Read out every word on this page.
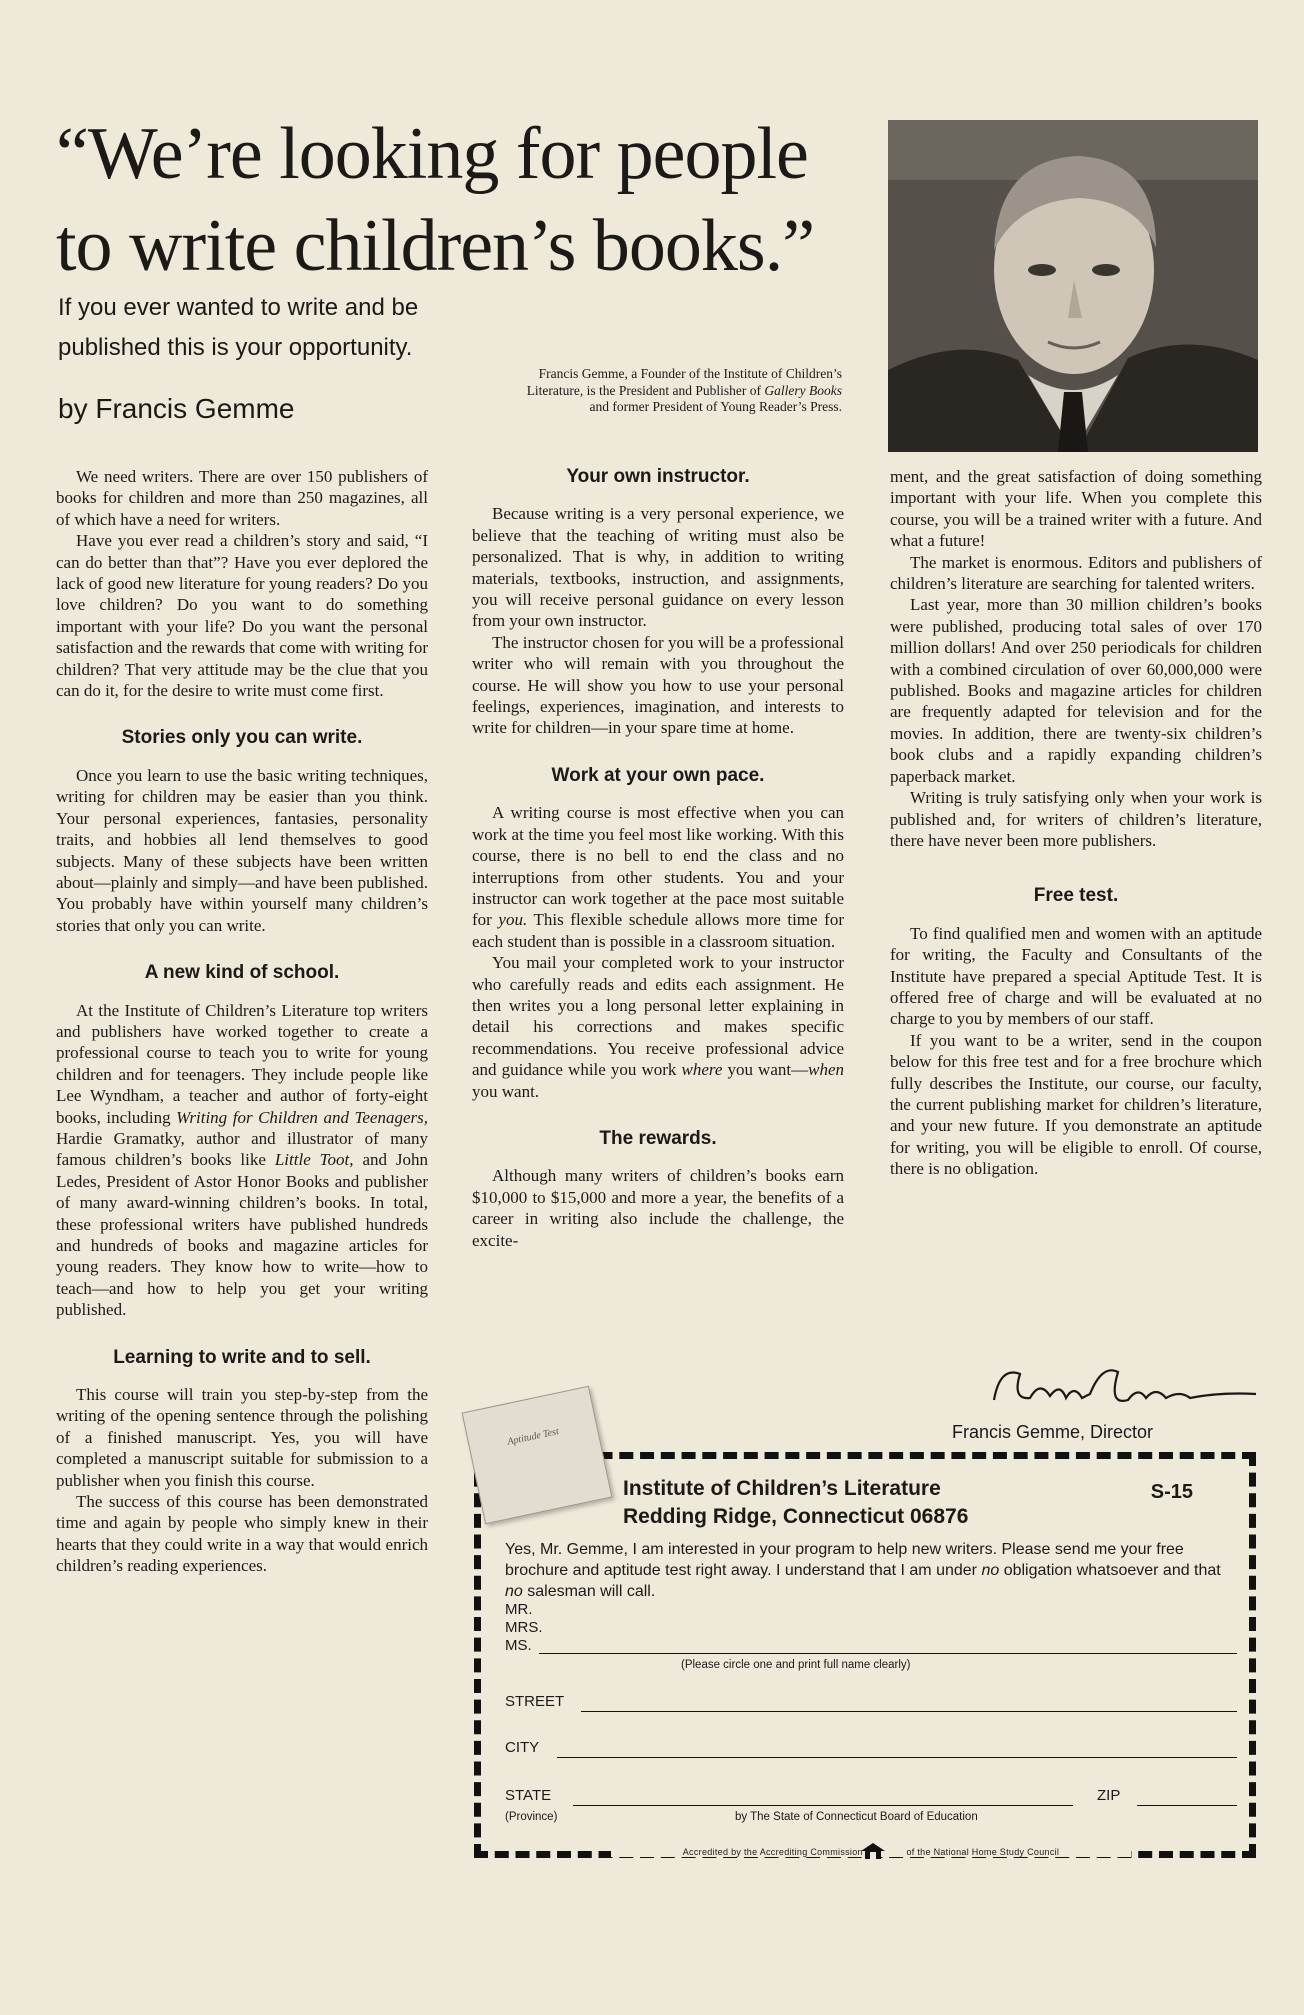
“We’re looking for people
to write children’s books.”
If you ever wanted to write and be published this is your opportunity.
by Francis Gemme
Francis Gemme, a Founder of the Institute of Children’s Literature, is the President and Publisher of Gallery Books and former President of Young Reader’s Press.

We need writers. There are over 150 publishers of books for children and more than 250 magazines, all of which have a need for writers.

Have you ever read a children’s story and said, “I can do better than that”? Have you ever deplored the lack of good new literature for young readers? Do you love children? Do you want to do something important with your life? Do you want the personal satisfaction and the rewards that come with writing for children? That very attitude may be the clue that you can do it, for the desire to write must come first.

Stories only you can write.

Once you learn to use the basic writing techniques, writing for children may be easier than you think. Your personal experiences, fantasies, personality traits, and hobbies all lend themselves to good subjects. Many of these subjects have been written about—plainly and simply—and have been published. You probably have within yourself many children’s stories that only you can write.

A new kind of school.

At the Institute of Children’s Literature top writers and publishers have worked together to create a professional course to teach you to write for young children and for teenagers. They include people like Lee Wyndham, a teacher and author of forty-eight books, including Writing for Children and Teenagers, Hardie Gramatky, author and illustrator of many famous children’s books like Little Toot, and John Ledes, President of Astor Honor Books and publisher of many award-winning children’s books. In total, these professional writers have published hundreds and hundreds of books and magazine articles for young readers. They know how to write—how to teach—and how to help you get your writing published.

Learning to write and to sell.

This course will train you step-by-step from the writing of the opening sentence through the polishing of a finished manuscript. Yes, you will have completed a manuscript suitable for submission to a publisher when you finish this course.

The success of this course has been demonstrated time and again by people who simply knew in their hearts that they could write in a way that would enrich children’s reading experiences.

Your own instructor.

Because writing is a very personal experience, we believe that the teaching of writing must also be personalized. That is why, in addition to writing materials, textbooks, instruction, and assignments, you will receive personal guidance on every lesson from your own instructor.

The instructor chosen for you will be a professional writer who will remain with you throughout the course. He will show you how to use your personal feelings, experiences, imagination, and interests to write for children—in your spare time at home.

Work at your own pace.

A writing course is most effective when you can work at the time you feel most like working. With this course, there is no bell to end the class and no interruptions from other students. You and your instructor can work together at the pace most suitable for you. This flexible schedule allows more time for each student than is possible in a classroom situation.

You mail your completed work to your instructor who carefully reads and edits each assignment. He then writes you a long personal letter explaining in detail his corrections and makes specific recommendations. You receive professional advice and guidance while you work where you want—when you want.

The rewards.

Although many writers of children’s books earn $10,000 to $15,000 and more a year, the benefits of a career in writing also include the challenge, the excite-

ment, and the great satisfaction of doing something important with your life. When you complete this course, you will be a trained writer with a future. And what a future!

The market is enormous. Editors and publishers of children’s literature are searching for talented writers.

Last year, more than 30 million children’s books were published, producing total sales of over 170 million dollars! And over 250 periodicals for children with a combined circulation of over 60,000,000 were published. Books and magazine articles for children are frequently adapted for television and for the movies. In addition, there are twenty-six children’s book clubs and a rapidly expanding children’s paperback market.

Writing is truly satisfying only when your work is published and, for writers of children’s literature, there have never been more publishers.

Free test.

To find qualified men and women with an aptitude for writing, the Faculty and Consultants of the Institute have prepared a special Aptitude Test. It is offered free of charge and will be evaluated at no charge to you by members of our staff.

If you want to be a writer, send in the coupon below for this free test and for a free brochure which fully describes the Institute, our course, our faculty, the current publishing market for children’s literature, and your new future. If you demonstrate an aptitude for writing, you will be eligible to enroll. Of course, there is no obligation.

Francis Gemme, Director
Institute of Children’s Literature
Redding Ridge, Connecticut 06876
S-15
Yes, Mr. Gemme, I am interested in your program to help new writers. Please send me your free brochure and aptitude test right away. I understand that I am under no obligation whatsoever and that no salesman will call.
MR.
MRS.
MS.
(Please circle one and print full name clearly)
STREET
CITY
STATE	ZIP
(Province)	by The State of Connecticut Board of Education
Accredited by the Accrediting Commission	of the National Home Study Council
Aptitude Test
